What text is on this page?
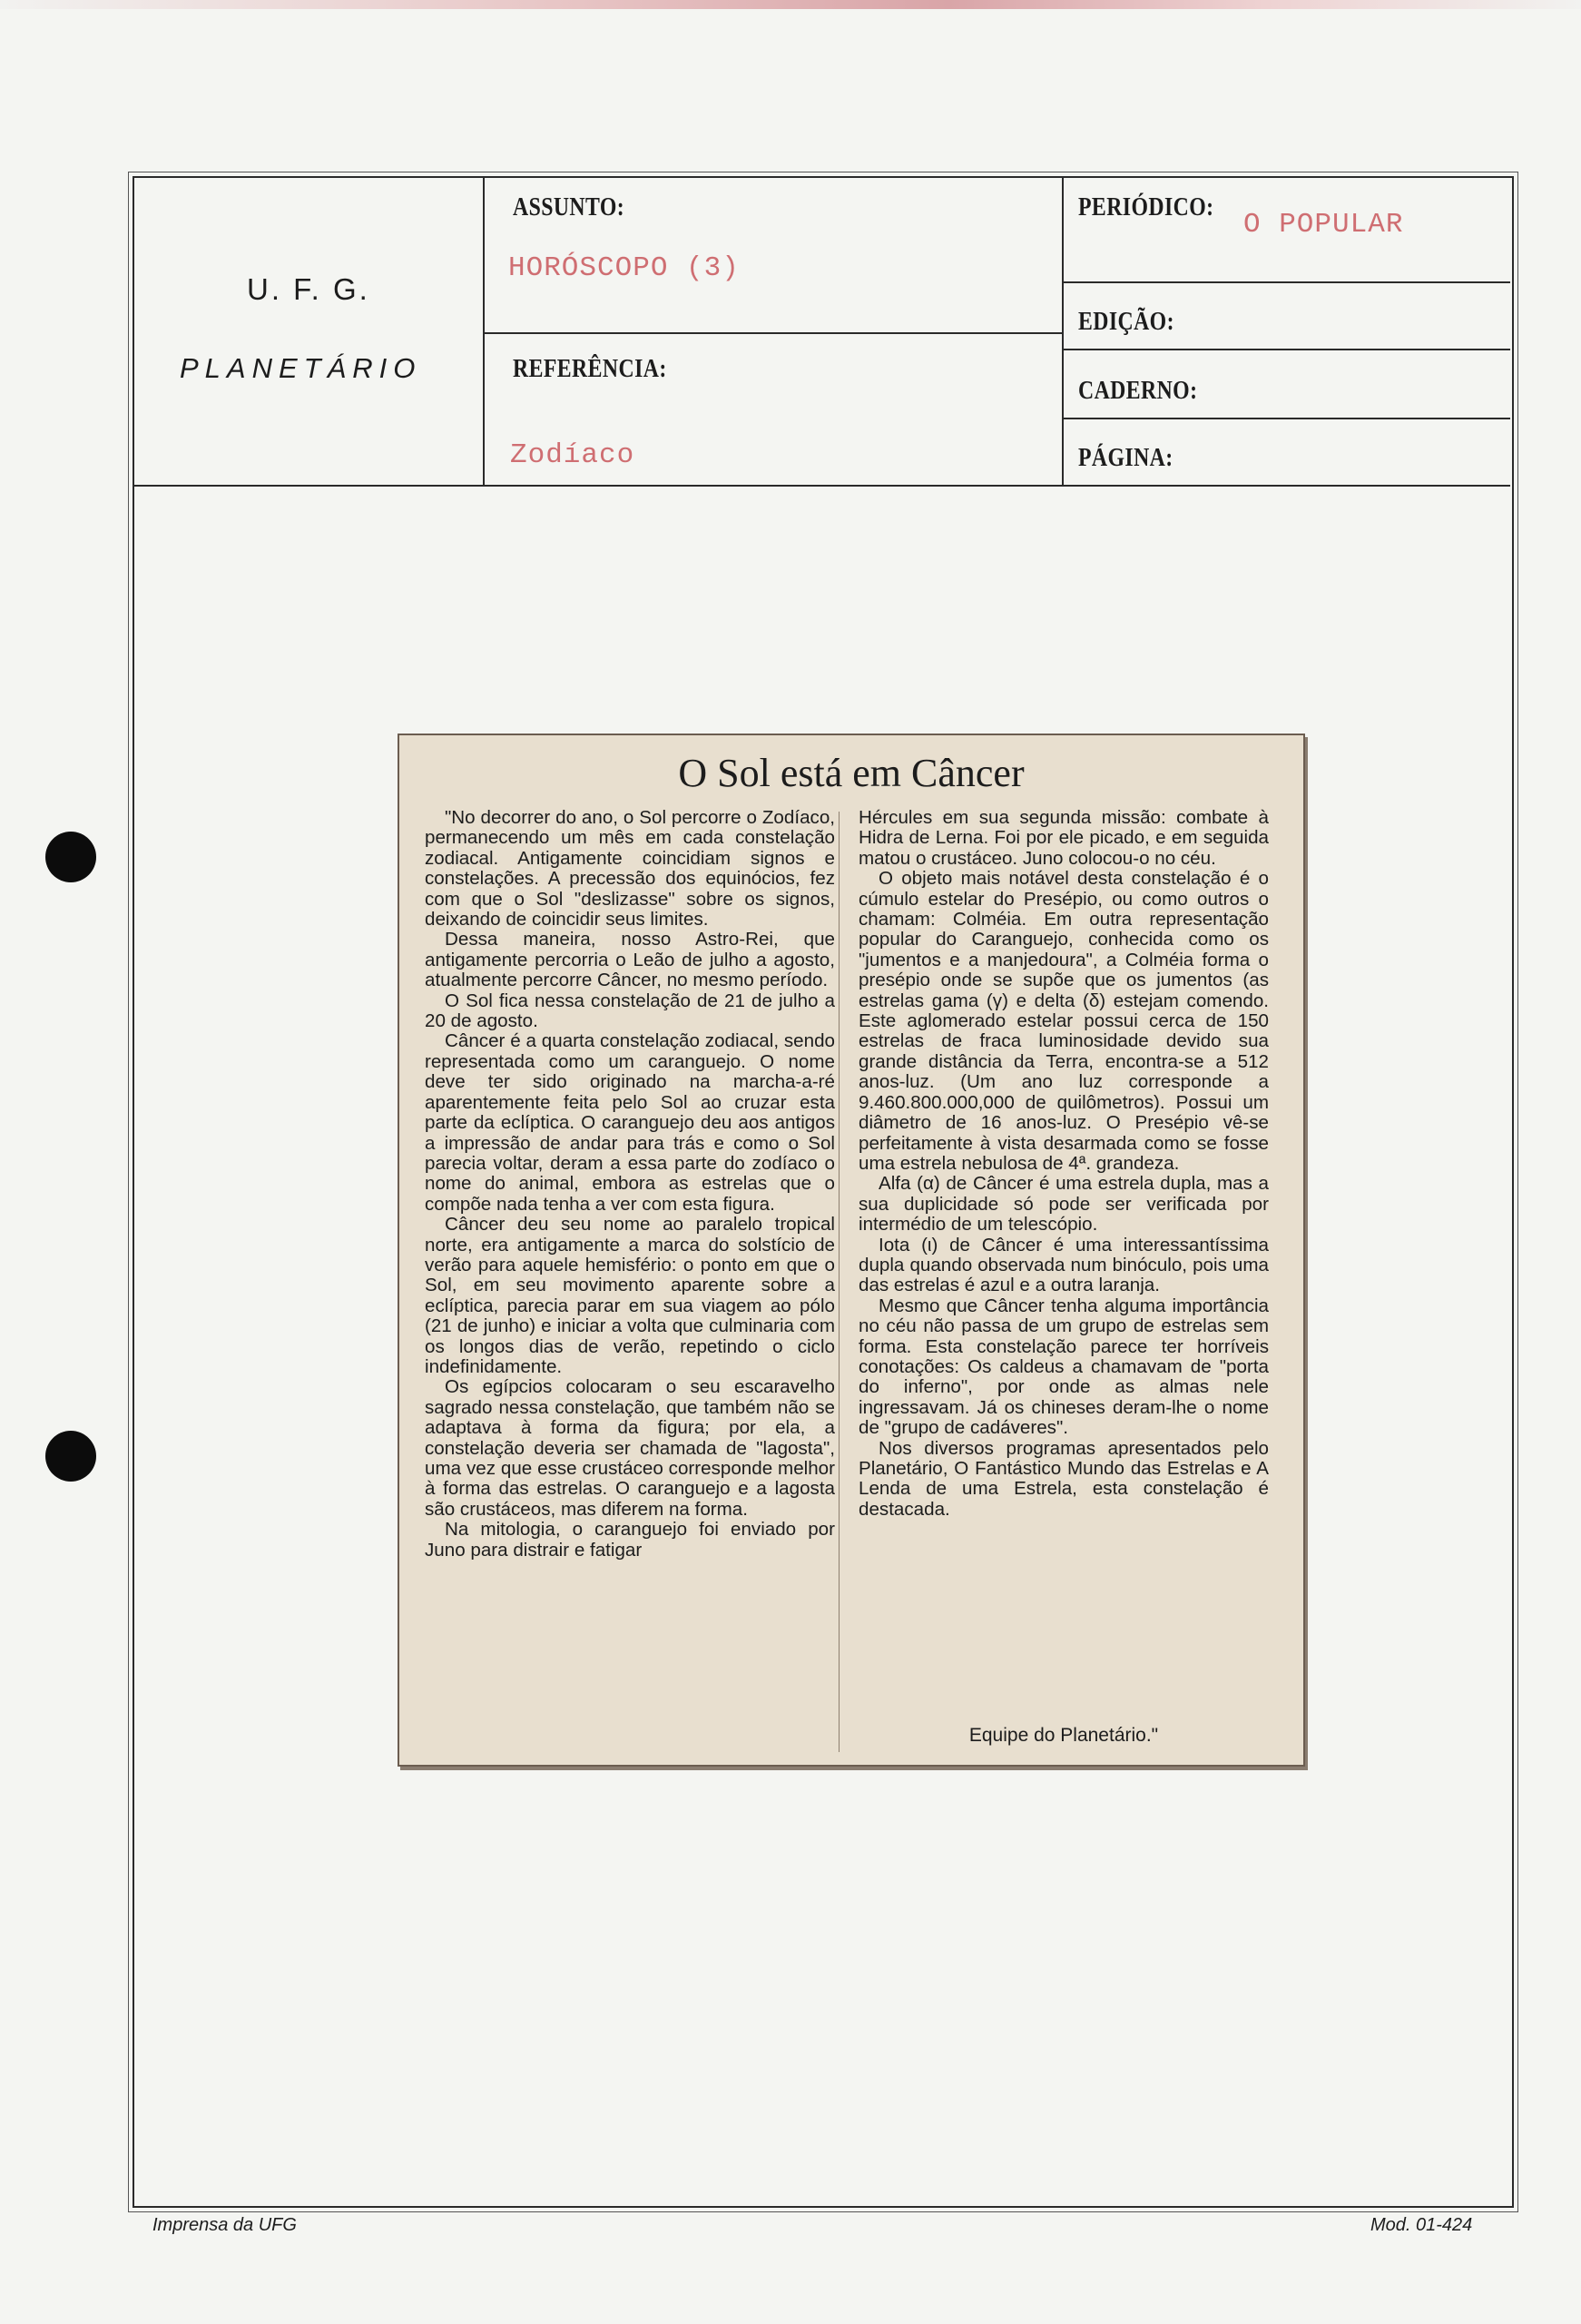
U. F. G.
PLANETÁRIO
ASSUNTO:
HORÓSCOPO (3)
REFERÊNCIA:
Zodíaco
PERIÓDICO:
O POPULAR
EDIÇÃO:
CADERNO:
PÁGINA:
O Sol está em Câncer

"No decorrer do ano, o Sol percorre o Zodíaco, permanecendo um mês em cada constelação zodiacal. Antigamente coincidiam signos e constelações. A precessão dos equinócios, fez com que o Sol "deslizasse" sobre os signos, deixando de coincidir seus limites.

Dessa maneira, nosso Astro-Rei, que antigamente percorria o Leão de julho a agosto, atualmente percorre Câncer, no mesmo período.

O Sol fica nessa constelação de 21 de julho a 20 de agosto.

Câncer é a quarta constelação zodiacal, sendo representada como um caranguejo. O nome deve ter sido originado na marcha-a-ré aparentemente feita pelo Sol ao cruzar esta parte da eclíptica. O caranguejo deu aos antigos a impressão de andar para trás e como o Sol parecia voltar, deram a essa parte do zodíaco o nome do animal, embora as estrelas que o compõe nada tenha a ver com esta figura.

Câncer deu seu nome ao paralelo tropical norte, era antigamente a marca do solstício de verão para aquele hemisfério: o ponto em que o Sol, em seu movimento aparente sobre a eclíptica, parecia parar em sua viagem ao pólo (21 de junho) e iniciar a volta que culminaria com os longos dias de verão, repetindo o ciclo indefinidamente.

Os egípcios colocaram o seu escaravelho sagrado nessa constelação, que também não se adaptava à forma da figura; por ela, a constelação deveria ser chamada de "lagosta", uma vez que esse crustáceo corresponde melhor à forma das estrelas. O caranguejo e a lagosta são crustáceos, mas diferem na forma.

Na mitologia, o caranguejo foi enviado por Juno para distrair e fatigar

Hércules em sua segunda missão: combate à Hidra de Lerna. Foi por ele picado, e em seguida matou o crustáceo. Juno colocou-o no céu.

O objeto mais notável desta constelação é o cúmulo estelar do Presépio, ou como outros o chamam: Colméia. Em outra representação popular do Caranguejo, conhecida como os "jumentos e a manjedoura", a Colméia forma o presépio onde se supõe que os jumentos (as estrelas gama (γ) e delta (δ) estejam comendo. Este aglomerado estelar possui cerca de 150 estrelas de fraca luminosidade devido sua grande distância da Terra, encontra-se a 512 anos-luz. (Um ano luz corresponde a 9.460.800.000,000 de quilômetros). Possui um diâmetro de 16 anos-luz. O Presépio vê-se perfeitamente à vista desarmada como se fosse uma estrela nebulosa de 4ª. grandeza.

Alfa (α) de Câncer é uma estrela dupla, mas a sua duplicidade só pode ser verificada por intermédio de um telescópio.

Iota (ι) de Câncer é uma interessantíssima dupla quando observada num binóculo, pois uma das estrelas é azul e a outra laranja.

Mesmo que Câncer tenha alguma importância no céu não passa de um grupo de estrelas sem forma. Esta constelação parece ter horríveis conotações: Os caldeus a chamavam de "porta do inferno", por onde as almas nele ingressavam. Já os chineses deram-lhe o nome de "grupo de cadáveres".

Nos diversos programas apresentados pelo Planetário, O Fantástico Mundo das Estrelas e A Lenda de uma Estrela, esta constelação é destacada.

Equipe do Planetário."
Imprensa da UFG	Mod. 01-424
